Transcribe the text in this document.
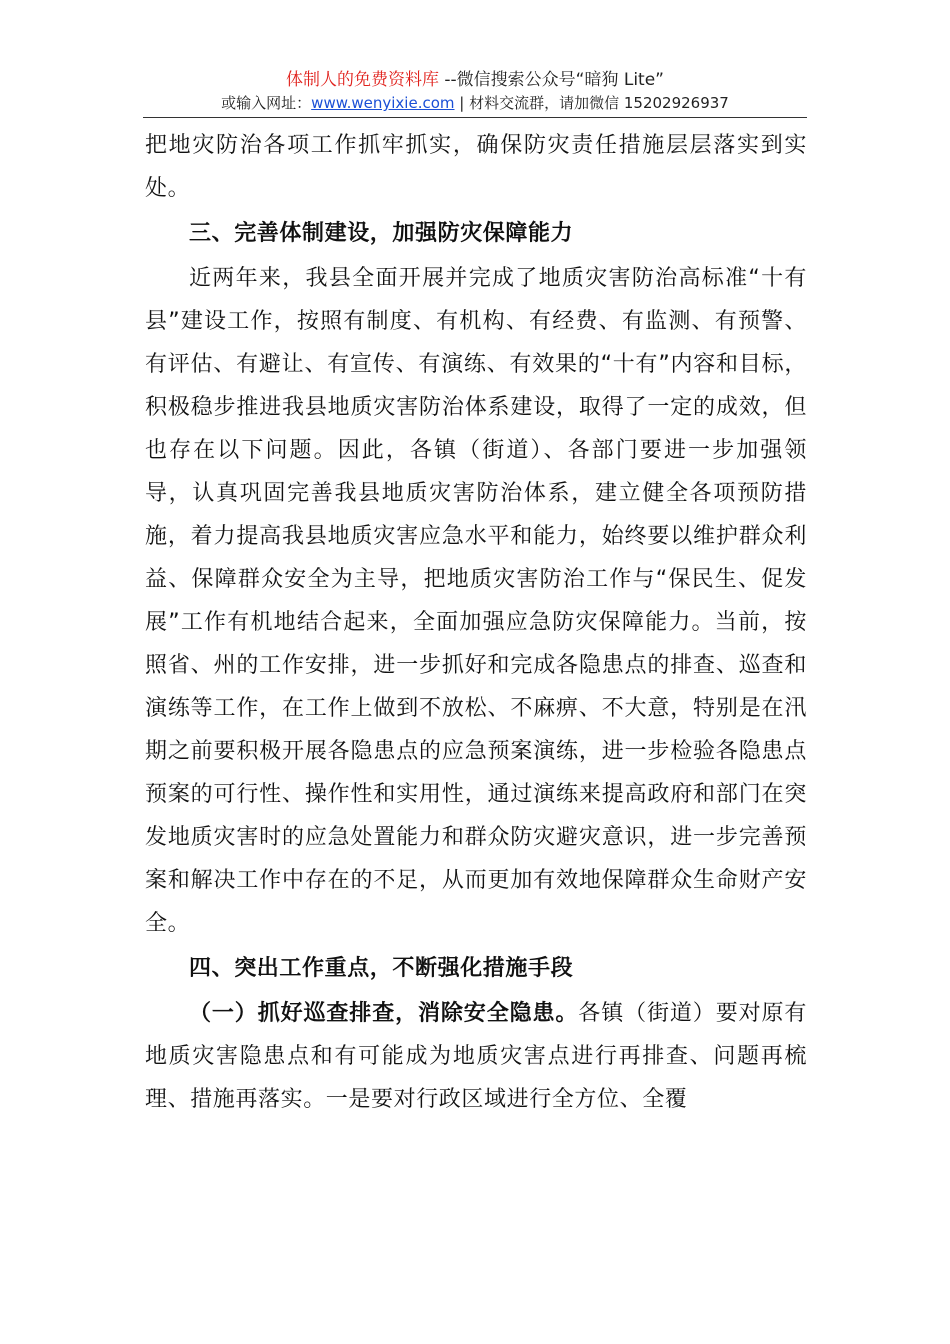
体制人的免费资料库 --微信搜索公众号“暗狗 Lite”
或输入网址：www.wenyixie.com | 材料交流群，请加微信 15202926937

把地灾防治各项工作抓牢抓实，确保防灾责任措施层层落实到实处。

三、完善体制建设，加强防灾保障能力

近两年来，我县全面开展并完成了地质灾害防治高标准“十有县”建设工作，按照有制度、有机构、有经费、有监测、有预警、有评估、有避让、有宣传、有演练、有效果的“十有”内容和目标，积极稳步推进我县地质灾害防治体系建设，取得了一定的成效，但也存在以下问题。因此，各镇（街道）、各部门要进一步加强领导，认真巩固完善我县地质灾害防治体系，建立健全各项预防措施，着力提高我县地质灾害应急水平和能力，始终要以维护群众利益、保障群众安全为主导，把地质灾害防治工作与“保民生、促发展”工作有机地结合起来，全面加强应急防灾保障能力。当前，按照省、州的工作安排，进一步抓好和完成各隐患点的排查、巡查和演练等工作，在工作上做到不放松、不麻痹、不大意，特别是在汛期之前要积极开展各隐患点的应急预案演练，进一步检验各隐患点预案的可行性、操作性和实用性，通过演练来提高政府和部门在突发地质灾害时的应急处置能力和群众防灾避灾意识，进一步完善预案和解决工作中存在的不足，从而更加有效地保障群众生命财产安全。

四、突出工作重点，不断强化措施手段

（一）抓好巡查排查，消除安全隐患。各镇（街道）要对原有地质灾害隐患点和有可能成为地质灾害点进行再排查、问题再梳理、措施再落实。一是要对行政区域进行全方位、全覆
